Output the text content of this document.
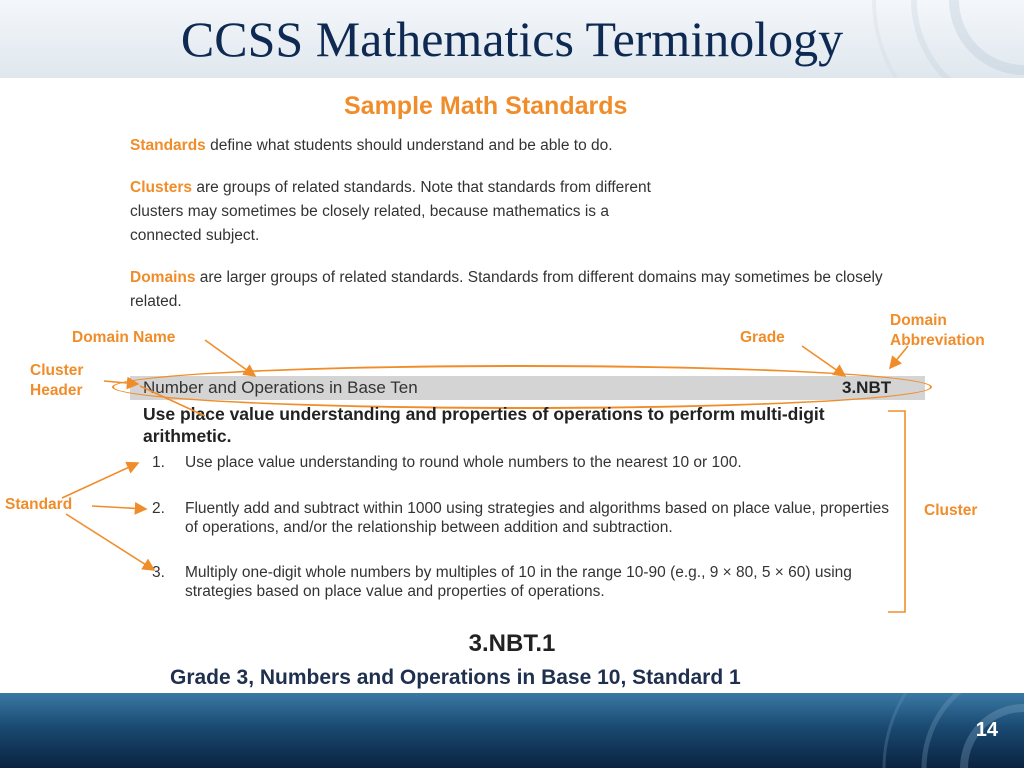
CCSS Mathematics Terminology
Sample Math Standards
Standards define what students should understand and be able to do.
Clusters are groups of related standards. Note that standards from different clusters may sometimes be closely related, because mathematics is a connected subject.
Domains are larger groups of related standards. Standards from different domains may sometimes be closely related.
Domain Name	Grade
Domain Abbreviation
Cluster Header
Standard	Cluster
Number and Operations in Base Ten	3.NBT
Use place value understanding and properties of operations to perform multi-digit arithmetic.
1. Use place value understanding to round whole numbers to the nearest 10 or 100.
2. Fluently add and subtract within 1000 using strategies and algorithms based on place value, properties of operations, and/or the relationship between addition and subtraction.
3. Multiply one-digit whole numbers by multiples of 10 in the range 10-90 (e.g., 9 × 80, 5 × 60) using strategies based on place value and properties of operations.
3.NBT.1
Grade 3, Numbers and Operations in Base 10, Standard 1
14
